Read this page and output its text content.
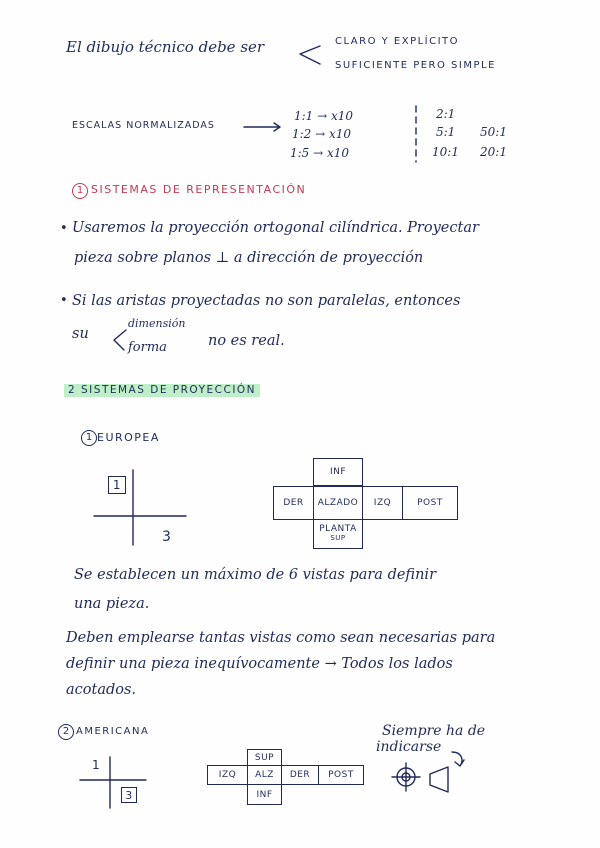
El dibujo técnico debe ser	CLARO Y EXPLÍCITO
SUFICIENTE PERO SIMPLE
ESCALAS NORMALIZADAS
1:1 → x10
1:2 → x10
1:5 → x10
2:1
5:1
10:1
50:1
20:1
1 SISTEMAS DE REPRESENTACIÓN
Usaremos la proyección ortogonal cilíndrica. Proyectar
pieza sobre planos ⊥ a dirección de proyección
•
• Si las aristas proyectadas no son paralelas, entonces
su
dimensión
forma	no es real.
2 SISTEMAS DE PROYECCIÓN
1 EUROPEA
1
3
INF
DER	ALZADO	IZQ	POST
PLANTA
SUP
Se establecen un máximo de 6 vistas para definir
una pieza.
Deben emplearse tantas vistas como sean necesarias para
definir una pieza inequívocamente → Todos los lados
acotados.
2 AMERICANA
1
3
SUP
IZQ	ALZ	DER	POST
INF
Siempre ha de
indicarse
